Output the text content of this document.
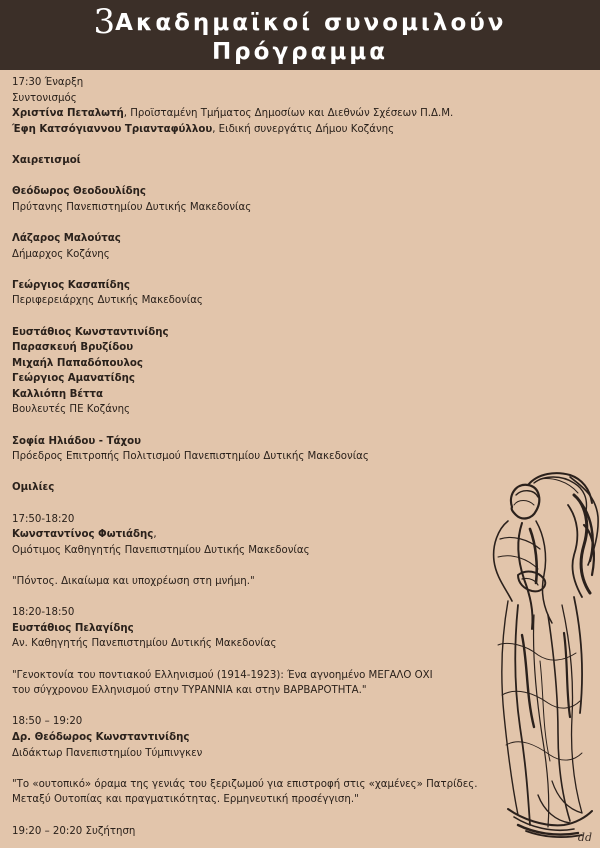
3Ακαδημαϊκοί συνομιλούν
Πρόγραμμα
17:30 Έναρξη
Συντονισμός
Χριστίνα Πεταλωτή, Προϊσταμένη Τμήματος Δημοσίων και Διεθνών Σχέσεων Π.Δ.Μ.
Έφη Κατσόγιαννου Τριανταφύλλου, Ειδική συνεργάτις Δήμου Κοζάνης
Χαιρετισμοί
Θεόδωρος Θεοδουλίδης
Πρύτανης Πανεπιστημίου Δυτικής Μακεδονίας
Λάζαρος Μαλούτας
Δήμαρχος Κοζάνης
Γεώργιος Κασαπίδης
Περιφερειάρχης Δυτικής Μακεδονίας
Ευστάθιος Κωνσταντινίδης
Παρασκευή Βρυζίδου
Μιχαήλ Παπαδόπουλος
Γεώργιος Αμανατίδης
Καλλιόπη Βέττα
Βουλευτές ΠΕ Κοζάνης
Σοφία Ηλιάδου - Τάχου
Πρόεδρος Επιτροπής Πολιτισμού Πανεπιστημίου Δυτικής Μακεδονίας
Ομιλίες
17:50-18:20
Κωνσταντίνος Φωτιάδης,
Ομότιμος Καθηγητής Πανεπιστημίου Δυτικής Μακεδονίας
"Πόντος. Δικαίωμα και υποχρέωση στη μνήμη."
18:20-18:50
Ευστάθιος Πελαγίδης
Αν. Καθηγητής Πανεπιστημίου Δυτικής Μακεδονίας
"Γενοκτονία του ποντιακού Ελληνισμού (1914-1923): Ένα αγνοημένο ΜΕΓΑΛΟ ΟΧΙ
του σύγχρονου Ελληνισμού στην ΤΥΡΑΝΝΙΑ και στην ΒΑΡΒΑΡΟΤΗΤΑ."
18:50 – 19:20
Δρ. Θεόδωρος Κωνσταντινίδης
Διδάκτωρ Πανεπιστημίου Τύμπινγκεν
"Το «ουτοπικό» όραμα της γενιάς του ξεριζωμού για επιστροφή στις «χαμένες» Πατρίδες.
Μεταξύ Ουτοπίας και πραγματικότητας. Ερμηνευτική προσέγγιση."
19:20 – 20:20 Συζήτηση	dd
